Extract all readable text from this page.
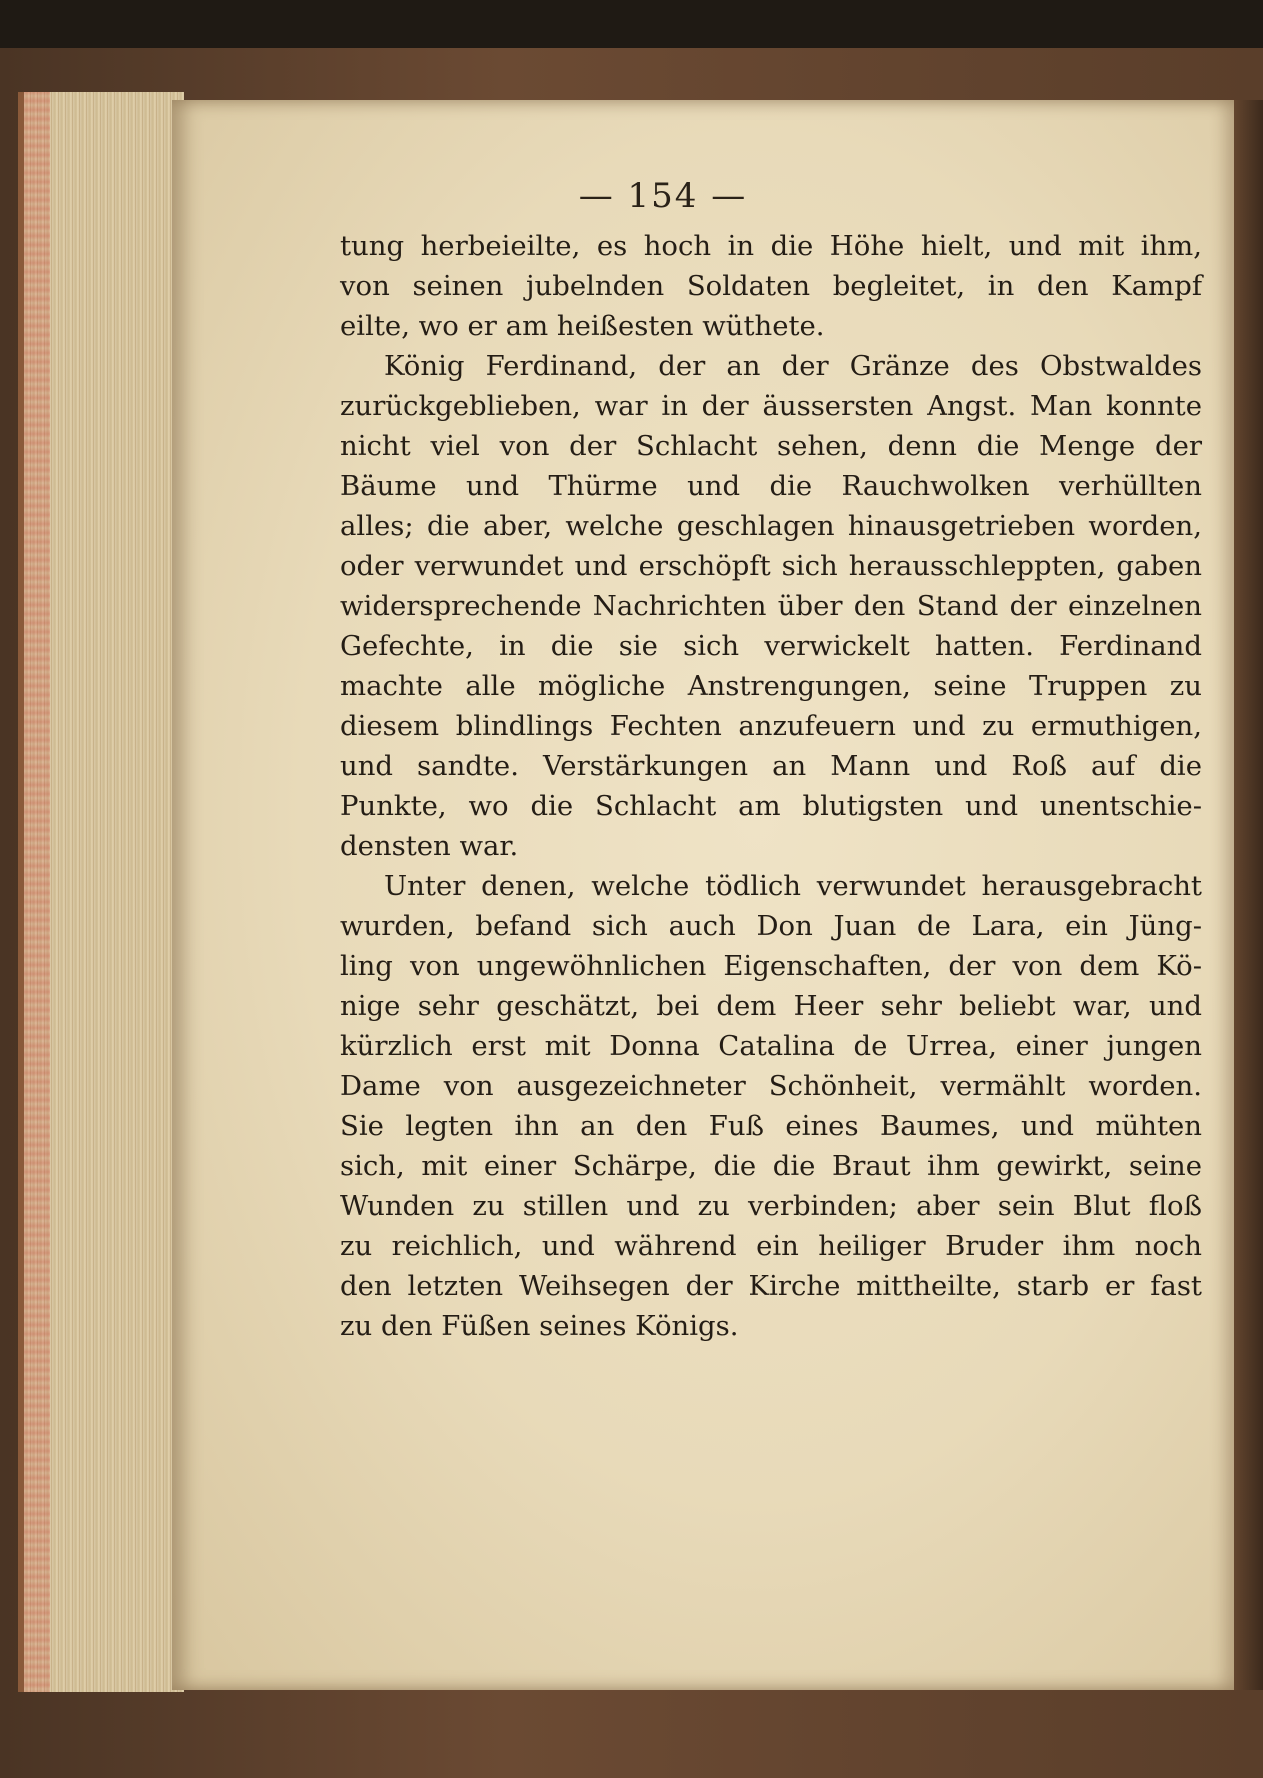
— 154 —
tung herbeieilte, es hoch in die Höhe hielt, und mit ihm,
von seinen jubelnden Soldaten begleitet, in den Kampf
eilte, wo er am heißesten wüthete.
König Ferdinand, der an der Gränze des Obstwaldes
zurückgeblieben, war in der äussersten Angst. Man konnte
nicht viel von der Schlacht sehen, denn die Menge der
Bäume und Thürme und die Rauchwolken verhüllten
alles; die aber, welche geschlagen hinausgetrieben worden,
oder verwundet und erschöpft sich herausschleppten, gaben
widersprechende Nachrichten über den Stand der einzelnen
Gefechte, in die sie sich verwickelt hatten. Ferdinand
machte alle mögliche Anstrengungen, seine Truppen zu
diesem blindlings Fechten anzufeuern und zu ermuthigen,
und sandte. Verstärkungen an Mann und Roß auf die
Punkte, wo die Schlacht am blutigsten und unentschie-
densten war.
Unter denen, welche tödlich verwundet herausgebracht
wurden, befand sich auch Don Juan de Lara, ein Jüng-
ling von ungewöhnlichen Eigenschaften, der von dem Kö-
nige sehr geschätzt, bei dem Heer sehr beliebt war, und
kürzlich erst mit Donna Catalina de Urrea, einer jungen
Dame von ausgezeichneter Schönheit, vermählt worden.
Sie legten ihn an den Fuß eines Baumes, und mühten
sich, mit einer Schärpe, die die Braut ihm gewirkt, seine
Wunden zu stillen und zu verbinden; aber sein Blut floß
zu reichlich, und während ein heiliger Bruder ihm noch
den letzten Weihsegen der Kirche mittheilte, starb er fast
zu den Füßen seines Königs.
